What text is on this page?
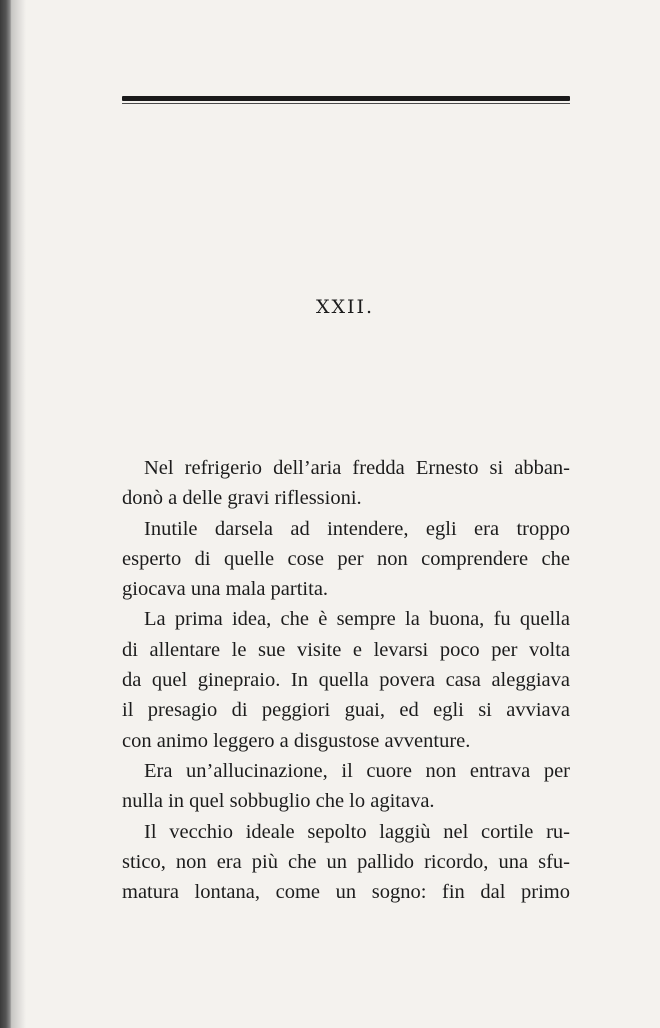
XXII.
Nel refrigerio dell’aria fredda Ernesto si abban-
donò a delle gravi riflessioni.
Inutile darsela ad intendere, egli era troppo
esperto di quelle cose per non comprendere che
giocava una mala partita.
La prima idea, che è sempre la buona, fu quella
di allentare le sue visite e levarsi poco per volta
da quel ginepraio. In quella povera casa aleggiava
il presagio di peggiori guai, ed egli si avviava
con animo leggero a disgustose avventure.
Era un’allucinazione, il cuore non entrava per
nulla in quel sobbuglio che lo agitava.
Il vecchio ideale sepolto laggiù nel cortile ru-
stico, non era più che un pallido ricordo, una sfu-
matura lontana, come un sogno: fin dal primo
